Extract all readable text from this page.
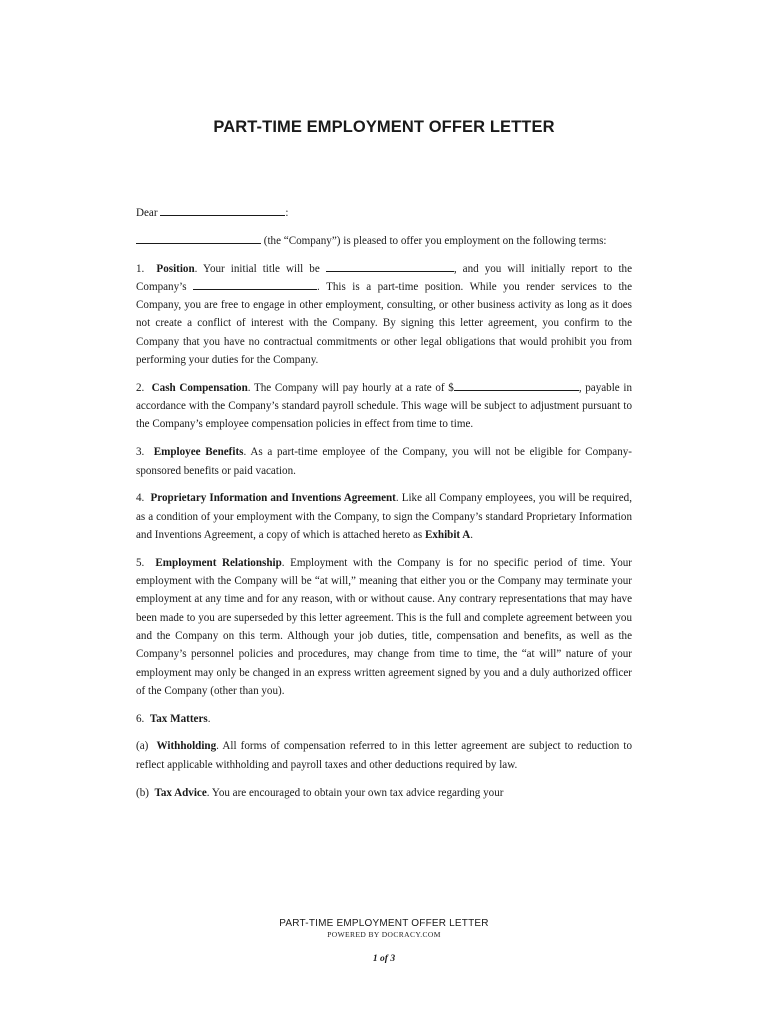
PART-TIME EMPLOYMENT OFFER LETTER

Dear	:

(the “Company”) is pleased to offer you employment on the following terms:

1. Position. Your initial title will be	, and you will initially report to the Company’s	. This is a part-time position. While you render services to the Company, you are free to engage in other employment, consulting, or other business activity as long as it does not create a conflict of interest with the Company. By signing this letter agreement, you confirm to the Company that you have no contractual commitments or other legal obligations that would prohibit you from performing your duties for the Company.

2. Cash Compensation. The Company will pay hourly at a rate of $	, payable in accordance with the Company’s standard payroll schedule. This wage will be subject to adjustment pursuant to the Company’s employee compensation policies in effect from time to time.

3. Employee Benefits. As a part-time employee of the Company, you will not be eligible for Company-sponsored benefits or paid vacation.

4. Proprietary Information and Inventions Agreement. Like all Company employees, you will be required, as a condition of your employment with the Company, to sign the Company’s standard Proprietary Information and Inventions Agreement, a copy of which is attached hereto as Exhibit A.

5. Employment Relationship. Employment with the Company is for no specific period of time. Your employment with the Company will be “at will,” meaning that either you or the Company may terminate your employment at any time and for any reason, with or without cause. Any contrary representations that may have been made to you are superseded by this letter agreement. This is the full and complete agreement between you and the Company on this term. Although your job duties, title, compensation and benefits, as well as the Company’s personnel policies and procedures, may change from time to time, the “at will” nature of your employment may only be changed in an express written agreement signed by you and a duly authorized officer of the Company (other than you).

6. Tax Matters.

(a) Withholding. All forms of compensation referred to in this letter agreement are subject to reduction to reflect applicable withholding and payroll taxes and other deductions required by law.

(b) Tax Advice. You are encouraged to obtain your own tax advice regarding your

PART-TIME EMPLOYMENT OFFER LETTER
POWERED BY DOCRACY.COM
1 of 3
